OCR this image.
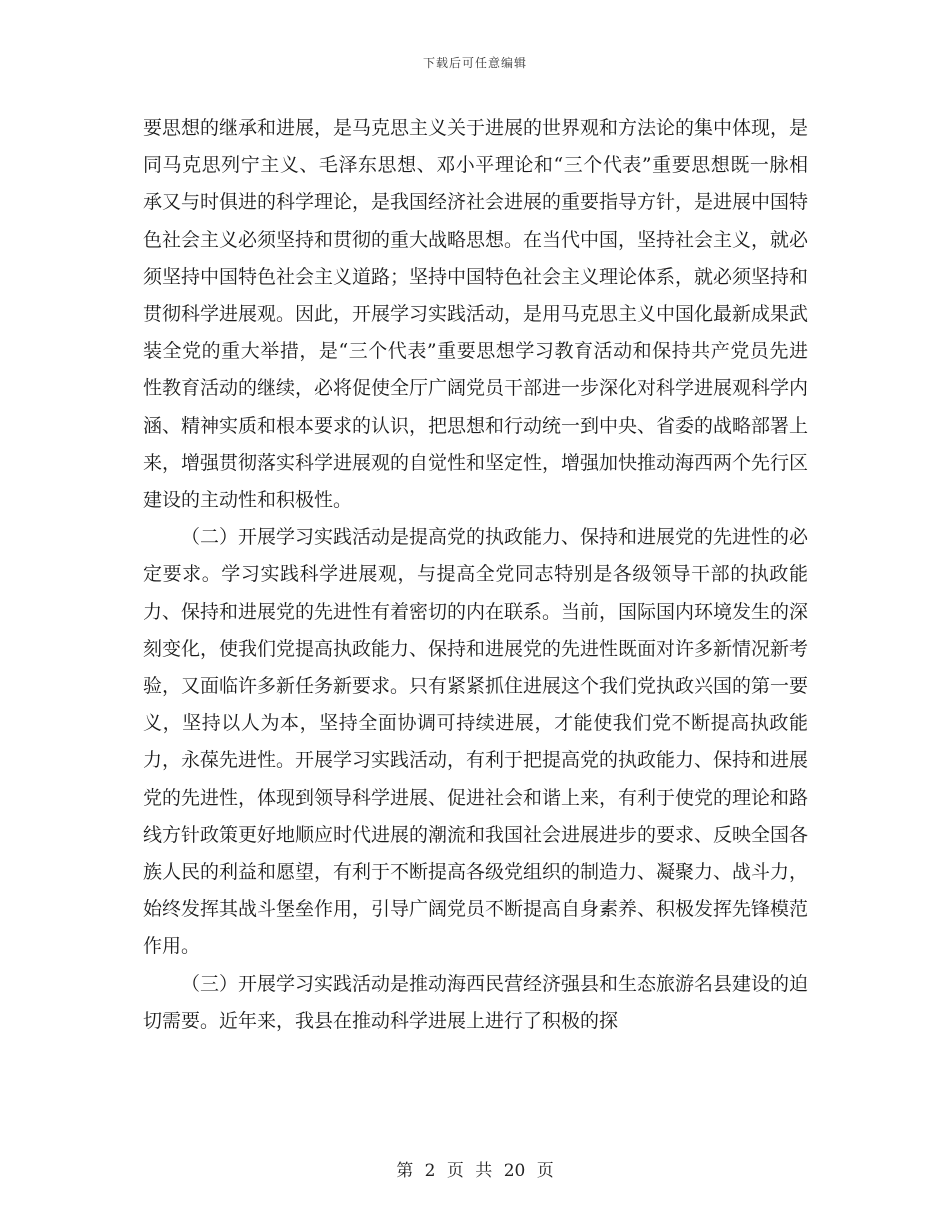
下载后可任意编辑

要思想的继承和进展，是马克思主义关于进展的世界观和方法论的集中体现，是同马克思列宁主义、毛泽东思想、邓小平理论和“三个代表”重要思想既一脉相承又与时俱进的科学理论，是我国经济社会进展的重要指导方针，是进展中国特色社会主义必须坚持和贯彻的重大战略思想。在当代中国，坚持社会主义，就必须坚持中国特色社会主义道路；坚持中国特色社会主义理论体系，就必须坚持和贯彻科学进展观。因此，开展学习实践活动，是用马克思主义中国化最新成果武装全党的重大举措，是“三个代表”重要思想学习教育活动和保持共产党员先进性教育活动的继续，必将促使全厅广阔党员干部进一步深化对科学进展观科学内涵、精神实质和根本要求的认识，把思想和行动统一到中央、省委的战略部署上来，增强贯彻落实科学进展观的自觉性和坚定性，增强加快推动海西两个先行区建设的主动性和积极性。

（二）开展学习实践活动是提高党的执政能力、保持和进展党的先进性的必定要求。学习实践科学进展观，与提高全党同志特别是各级领导干部的执政能力、保持和进展党的先进性有着密切的内在联系。当前，国际国内环境发生的深刻变化，使我们党提高执政能力、保持和进展党的先进性既面对许多新情况新考验，又面临许多新任务新要求。只有紧紧抓住进展这个我们党执政兴国的第一要义，坚持以人为本，坚持全面协调可持续进展，才能使我们党不断提高执政能力，永葆先进性。开展学习实践活动，有利于把提高党的执政能力、保持和进展党的先进性，体现到领导科学进展、促进社会和谐上来，有利于使党的理论和路线方针政策更好地顺应时代进展的潮流和我国社会进展进步的要求、反映全国各族人民的利益和愿望，有利于不断提高各级党组织的制造力、凝聚力、战斗力，始终发挥其战斗堡垒作用，引导广阔党员不断提高自身素养、积极发挥先锋模范作用。

（三）开展学习实践活动是推动海西民营经济强县和生态旅游名县建设的迫切需要。近年来，我县在推动科学进展上进行了积极的探

第 2 页 共 20 页
